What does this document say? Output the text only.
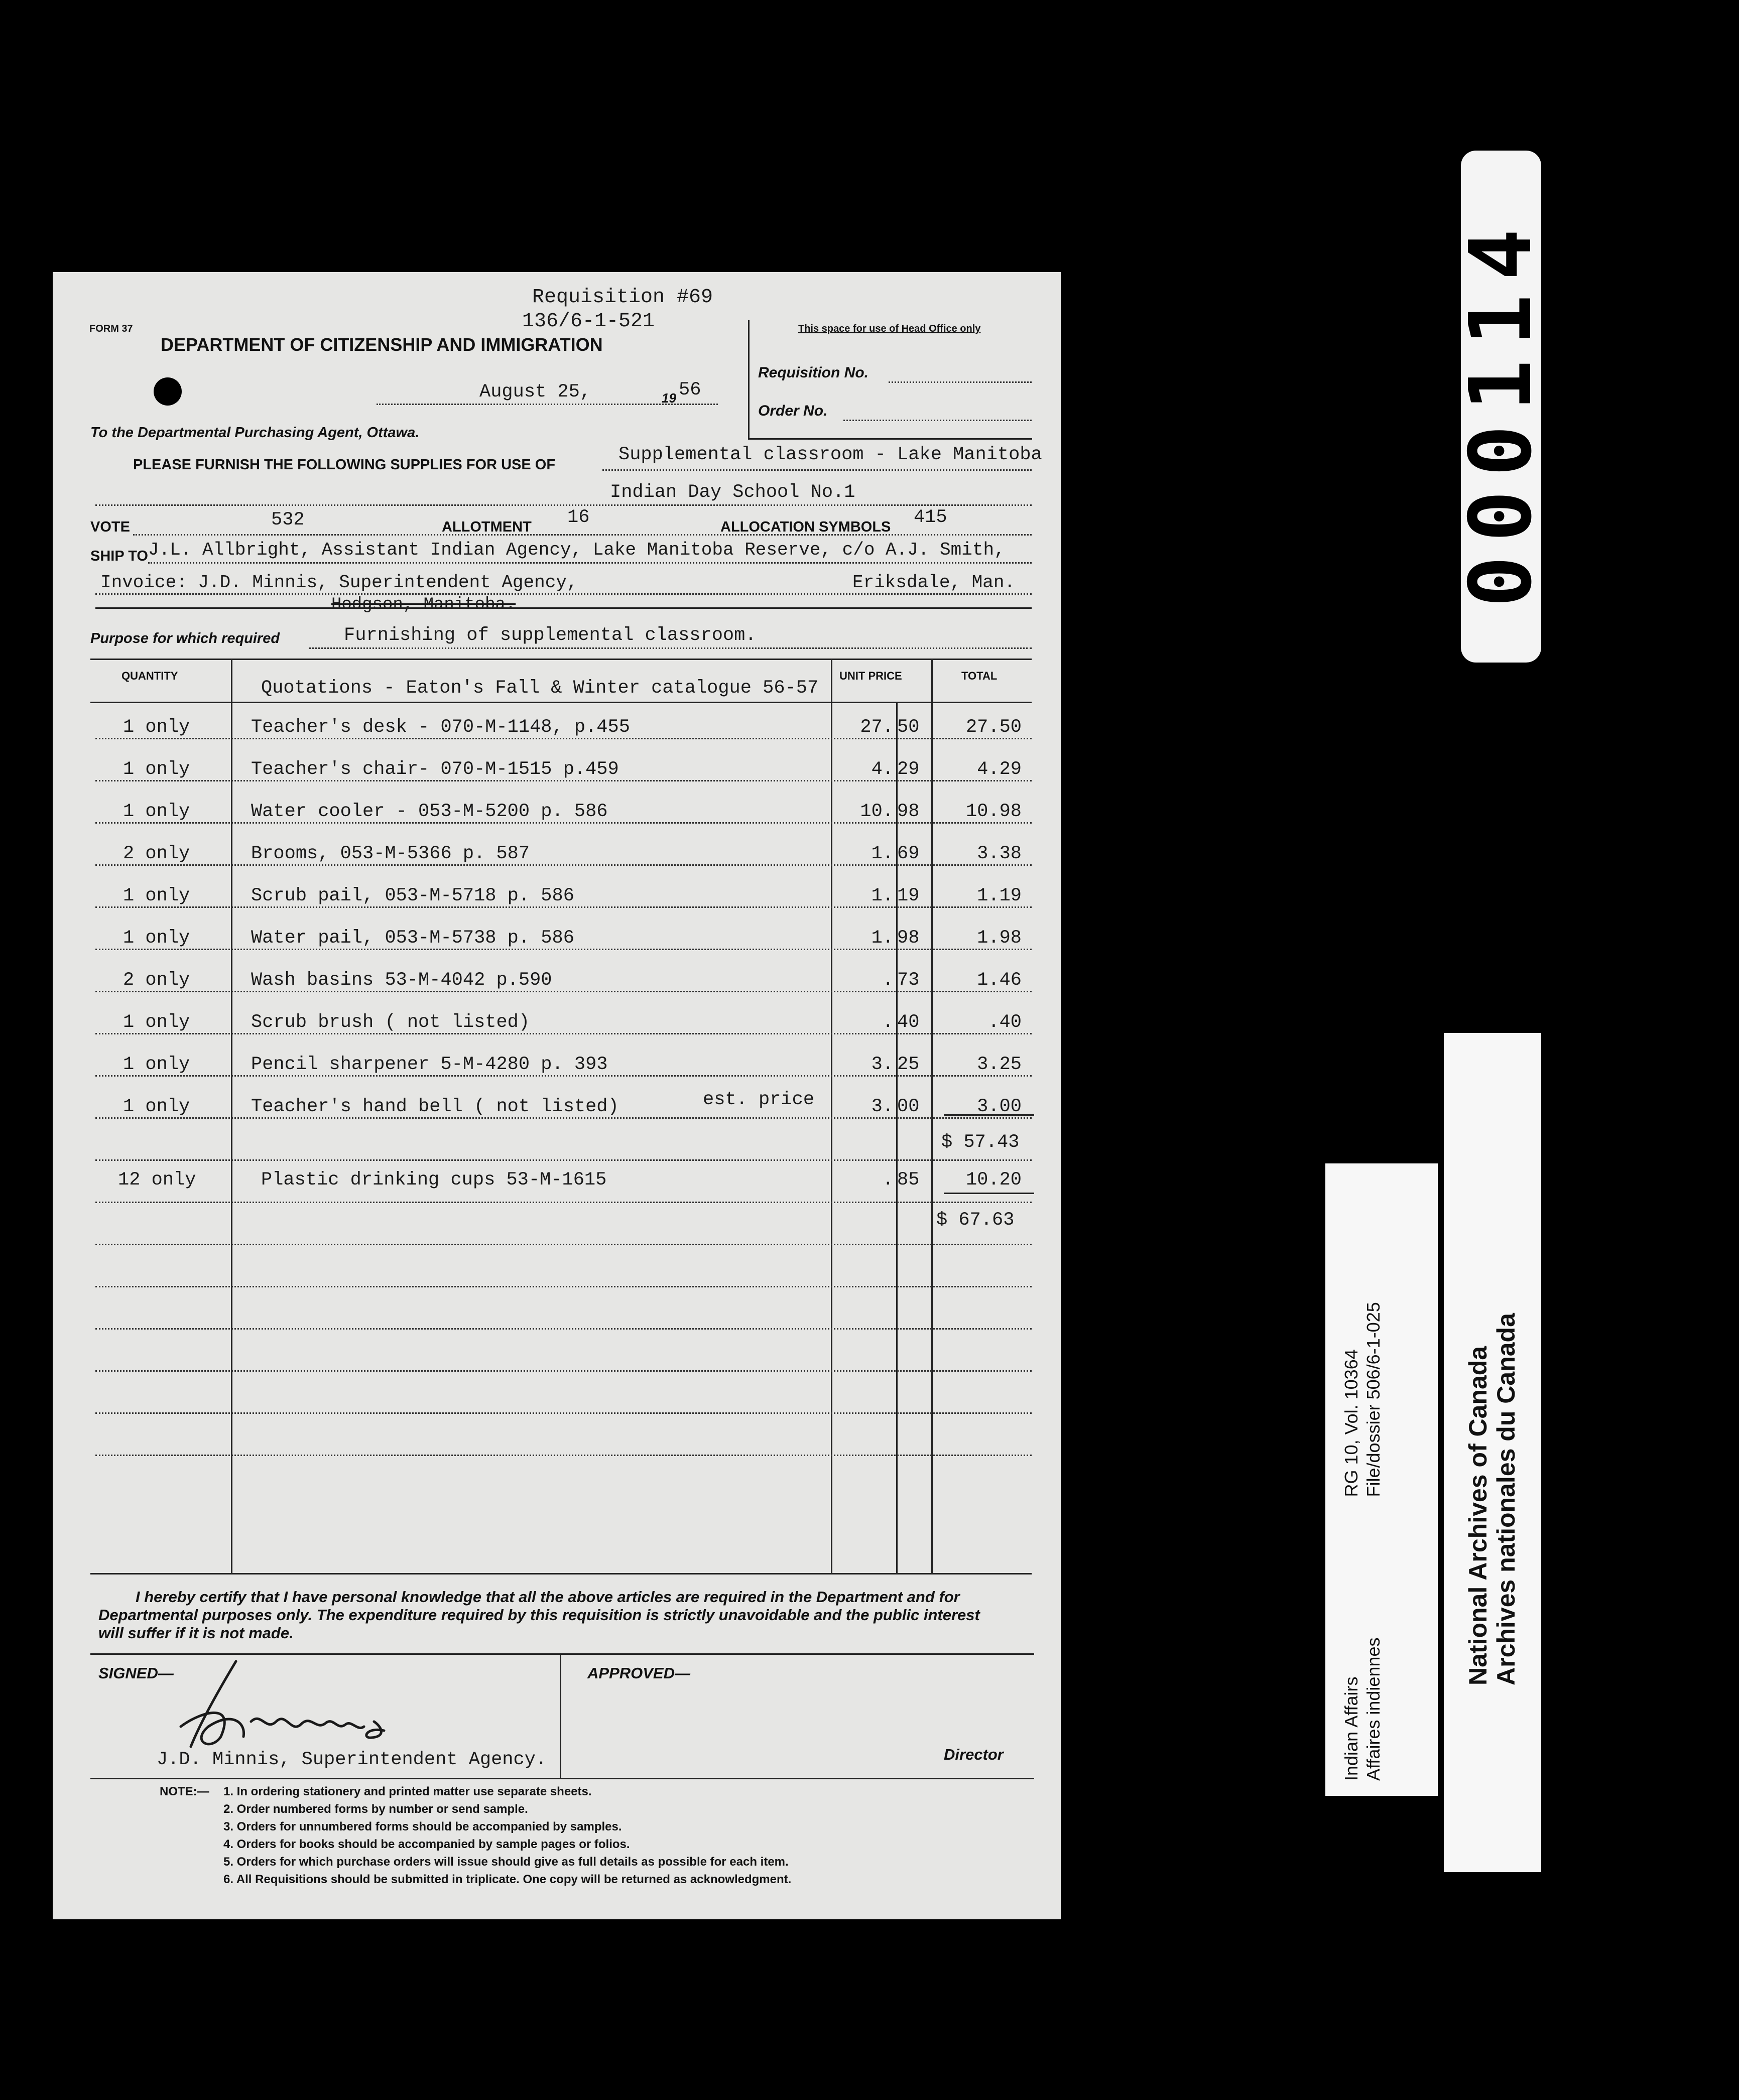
Requisition #69
136/6-1-521
FORM 37
DEPARTMENT OF CITIZENSHIP AND IMMIGRATION
August 25,	19 56
To the Departmental Purchasing Agent, Ottawa.
This space for use of Head Office only
Requisition No.
Order No.
PLEASE FURNISH THE FOLLOWING SUPPLIES FOR USE OF	Supplemental classroom - Lake Manitoba
Indian Day School No.1
VOTE	532	ALLOTMENT 16	ALLOCATION SYMBOLS 415
SHIP TO J.L. Allbright, Assistant Indian Agency, Lake Manitoba Reserve, c/o A.J. Smith,
Invoice: J.D. Minnis, Superintendent Agency,	Eriksdale, Man.
Hodgson, Manitoba.
Purpose for which required	Furnishing of supplemental classroom.
QUANTITY	UNIT PRICE	TOTAL
Quotations - Eaton's Fall & Winter catalogue 56-57
1 only	Teacher's desk - 070-M-1148, p.455	27. 50	27.50
1 only	Teacher's chair- 070-M-1515 p.459	4. 29	4.29
1 only	Water cooler - 053-M-5200 p. 586	10. 98	10.98
2 only	Brooms, 053-M-5366 p. 587	1. 69	3.38
1 only	Scrub pail, 053-M-5718 p. 586	1. 19	1.19
1 only	Water pail, 053-M-5738 p. 586	1. 98	1.98
2 only	Wash basins 53-M-4042 p.590	. 73	1.46
1 only	Scrub brush ( not listed)	. 40	.40
1 only	Pencil sharpener 5-M-4280 p. 393	3. 25	3.25
1 only	Teacher's hand bell ( not listed)	est. price	3. 00	3.00
$ 57.43
12 only	Plastic drinking cups 53-M-1615	. 85	10.20
$ 67.63
I hereby certify that I have personal knowledge that all the above articles are required in the Department and for
Departmental purposes only. The expenditure required by this requisition is strictly unavoidable and the public interest
will suffer if it is not made.
SIGNED—	APPROVED—
J.D. Minnis, Superintendent Agency.	Director
NOTE:— 1. In ordering stationery and printed matter use separate sheets.
2. Order numbered forms by number or send sample.
3. Orders for unnumbered forms should be accompanied by samples.
4. Orders for books should be accompanied by sample pages or folios.
5. Orders for which purchase orders will issue should give as full details as possible for each item.
6. All Requisitions should be submitted in triplicate. One copy will be returned as acknowledgment.
000114
Indian Affairs Affaires indiennes
RG 10, Vol. 10364 File/dossier 506/6-1-025	National Archives of Canada Archives nationales du Canada
